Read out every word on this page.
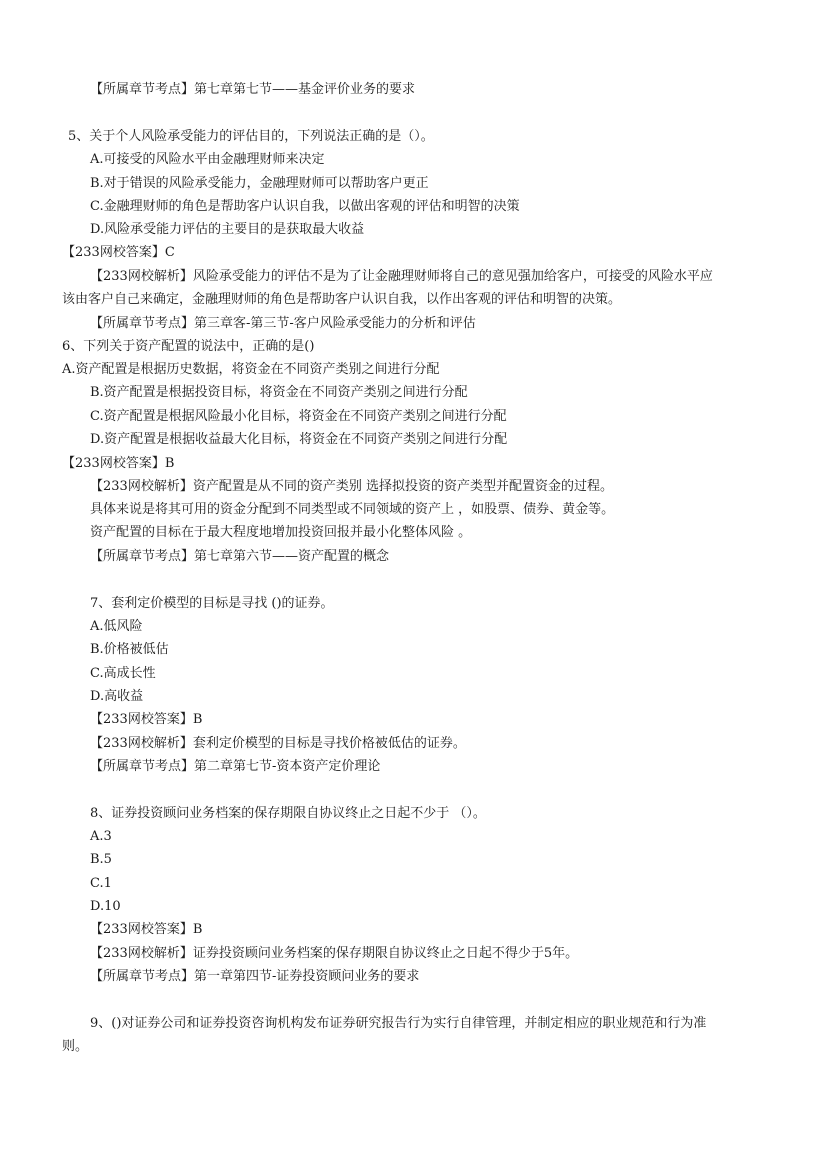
【所属章节考点】第七章第七节——基金评价业务的要求
5、关于个人风险承受能力的评估目的，下列说法正确的是（）。
A.可接受的风险水平由金融理财师来决定
B.对于错误的风险承受能力，金融理财师可以帮助客户更正
C.金融理财师的角色是帮助客户认识自我，以做出客观的评估和明智的决策
D.风险承受能力评估的主要目的是获取最大收益
【233网校答案】C
【233网校解析】风险承受能力的评估不是为了让金融理财师将自己的意见强加给客户，可接受的风险水平应
该由客户自己来确定，金融理财师的角色是帮助客户认识自我，以作出客观的评估和明智的决策。
【所属章节考点】第三章客-第三节-客户风险承受能力的分析和评估
6、下列关于资产配置的说法中，正确的是()
A.资产配置是根据历史数据，将资金在不同资产类别之间进行分配
B.资产配置是根据投资目标，将资金在不同资产类别之间进行分配
C.资产配置是根据风险最小化目标，将资金在不同资产类别之间进行分配
D.资产配置是根据收益最大化目标，将资金在不同资产类别之间进行分配
【233网校答案】B
【233网校解析】资产配置是从不同的资产类别 选择拟投资的资产类型并配置资金的过程。
具体来说是将其可用的资金分配到不同类型或不同领域的资产上 ，如股票、债券、黄金等。
资产配置的目标在于最大程度地增加投资回报并最小化整体风险 。
【所属章节考点】第七章第六节——资产配置的概念
7、套利定价模型的目标是寻找 ()的证券。
A.低风险
B.价格被低估
C.高成长性
D.高收益
【233网校答案】B
【233网校解析】套利定价模型的目标是寻找价格被低估的证券。
【所属章节考点】第二章第七节-资本资产定价理论
8、证券投资顾问业务档案的保存期限自协议终止之日起不少于 （）。
A.3
B.5
C.1
D.10
【233网校答案】B
【233网校解析】证券投资顾问业务档案的保存期限自协议终止之日起不得少于5年。
【所属章节考点】第一章第四节-证券投资顾问业务的要求
9、()对证券公司和证券投资咨询机构发布证券研究报告行为实行自律管理，并制定相应的职业规范和行为准
则。
